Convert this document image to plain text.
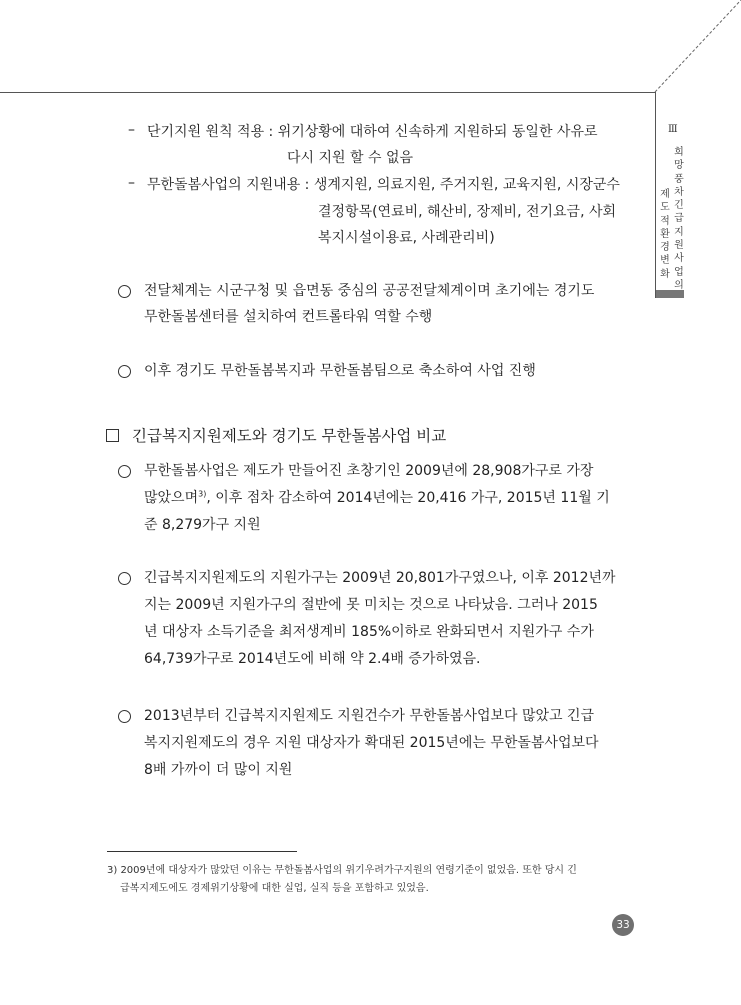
Ⅲ
희망풍차 긴급지원사업의
제도적 환경 변화
– 단기지원 원칙 적용 : 위기상황에 대하여 신속하게 지원하되 동일한 사유로
다시 지원 할 수 없음
– 무한돌봄사업의 지원내용 : 생계지원, 의료지원, 주거지원, 교육지원, 시장군수
결정항목(연료비, 해산비, 장제비, 전기요금, 사회
복지시설이용료, 사례관리비)
전달체계는 시군구청 및 읍면동 중심의 공공전달체계이며 초기에는 경기도
무한돌봄센터를 설치하여 컨트롤타워 역할 수행
이후 경기도 무한돌봄복지과 무한돌봄팀으로 축소하여 사업 진행
긴급복지지원제도와 경기도 무한돌봄사업 비교
무한돌봄사업은 제도가 만들어진 초창기인 2009년에 28,908가구로 가장
많았으며$^{3)}$, 이후 점차 감소하여 2014년에는 20,416 가구, 2015년 11월 기
준 8,279가구 지원
긴급복지지원제도의 지원가구는 2009년 20,801가구였으나, 이후 2012년까
지는 2009년 지원가구의 절반에 못 미치는 것으로 나타났음. 그러나 2015
년 대상자 소득기준을 최저생계비 185%이하로 완화되면서 지원가구 수가
64,739가구로 2014년도에 비해 약 2.4배 증가하였음.
2013년부터 긴급복지지원제도 지원건수가 무한돌봄사업보다 많았고 긴급
복지지원제도의 경우 지원 대상자가 확대된 2015년에는 무한돌봄사업보다
8배 가까이 더 많이 지원
3) 2009년에 대상자가 많았던 이유는 무한돌봄사업의 위기우려가구지원의 연령기준이 없었음. 또한 당시 긴
급복지제도에도 경제위기상황에 대한 실업, 실직 등을 포함하고 있었음.
33
